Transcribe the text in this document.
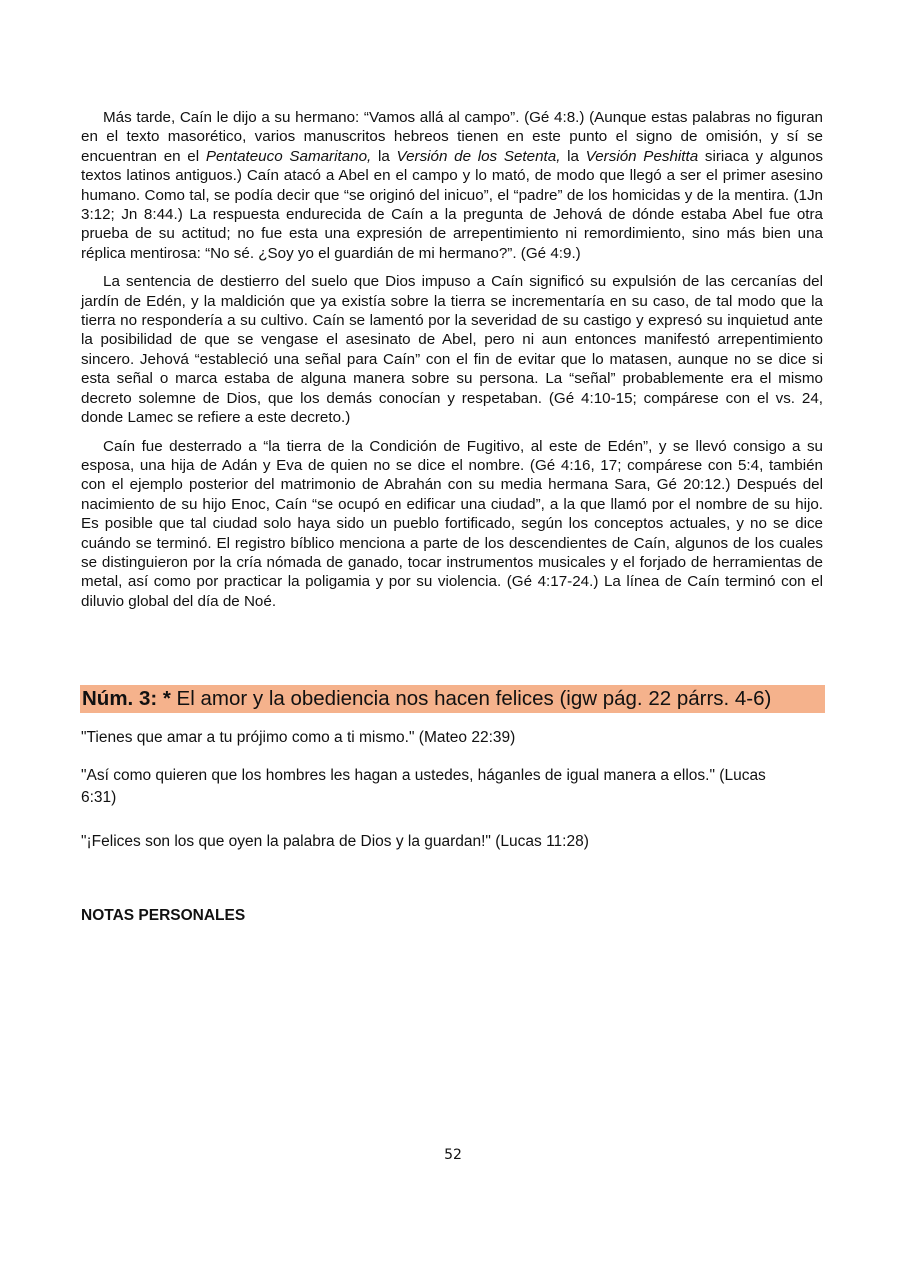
Más tarde, Caín le dijo a su hermano: “Vamos allá al campo”. (Gé 4:8.) (Aunque estas palabras no figuran en el texto masorético, varios manuscritos hebreos tienen en este punto el signo de omisión, y sí se encuentran en el Pentateuco Samaritano, la Versión de los Setenta, la Versión Peshitta siriaca y algunos textos latinos antiguos.) Caín atacó a Abel en el campo y lo mató, de modo que llegó a ser el primer asesino humano. Como tal, se podía decir que “se originó del inicuo”, el “padre” de los homicidas y de la mentira. (1Jn 3:12; Jn 8:44.) La respuesta endurecida de Caín a la pregunta de Jehová de dónde estaba Abel fue otra prueba de su actitud; no fue esta una expresión de arrepentimiento ni remordimiento, sino más bien una réplica mentirosa: “No sé. ¿Soy yo el guardián de mi hermano?”. (Gé 4:9.)

La sentencia de destierro del suelo que Dios impuso a Caín significó su expulsión de las cercanías del jardín de Edén, y la maldición que ya existía sobre la tierra se incrementaría en su caso, de tal modo que la tierra no respondería a su cultivo. Caín se lamentó por la severidad de su castigo y expresó su inquietud ante la posibilidad de que se vengase el asesinato de Abel, pero ni aun entonces manifestó arrepentimiento sincero. Jehová “estableció una señal para Caín” con el fin de evitar que lo matasen, aunque no se dice si esta señal o marca estaba de alguna manera sobre su persona. La “señal” probablemente era el mismo decreto solemne de Dios, que los demás conocían y respetaban. (Gé 4:10-15; compárese con el vs. 24, donde Lamec se refiere a este decreto.)

Caín fue desterrado a “la tierra de la Condición de Fugitivo, al este de Edén”, y se llevó consigo a su esposa, una hija de Adán y Eva de quien no se dice el nombre. (Gé 4:16, 17; compárese con 5:4, también con el ejemplo posterior del matrimonio de Abrahán con su media hermana Sara, Gé 20:12.) Después del nacimiento de su hijo Enoc, Caín “se ocupó en edificar una ciudad”, a la que llamó por el nombre de su hijo. Es posible que tal ciudad solo haya sido un pueblo fortificado, según los conceptos actuales, y no se dice cuándo se terminó. El registro bíblico menciona a parte de los descendientes de Caín, algunos de los cuales se distinguieron por la cría nómada de ganado, tocar instrumentos musicales y el forjado de herramientas de metal, así como por practicar la poligamia y por su violencia. (Gé 4:17-24.) La línea de Caín terminó con el diluvio global del día de Noé.

Núm. 3: * El amor y la obediencia nos hacen felices (igw pág. 22 párrs. 4-6)

"Tienes que amar a tu prójimo como a ti mismo." (Mateo 22:39)

"Así como quieren que los hombres les hagan a ustedes, háganles de igual manera a ellos." (Lucas 6:31)

"¡Felices son los que oyen la palabra de Dios y la guardan!" (Lucas 11:28)

NOTAS PERSONALES

52
